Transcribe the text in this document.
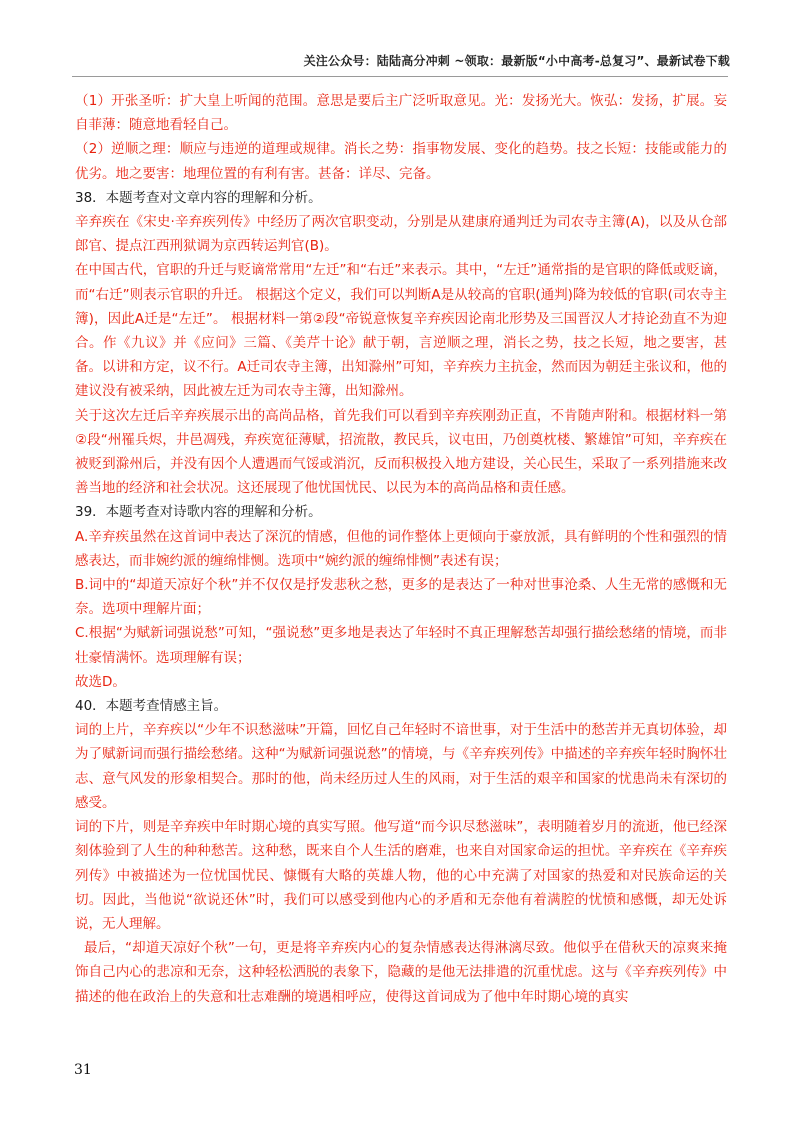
关注公众号：陆陆高分冲刺 ~领取：最新版“小中高考-总复习”、最新试卷下载

（1）开张圣听：扩大皇上听闻的范围。意思是要后主广泛听取意见。光：发扬光大。恢弘：发扬，扩展。妄自菲薄：随意地看轻自己。

（2）逆顺之理：顺应与违逆的道理或规律。消长之势：指事物发展、变化的趋势。技之长短：技能或能力的优劣。地之要害：地理位置的有利有害。甚备：详尽、完备。

38．本题考查对文章内容的理解和分析。

辛弃疾在《宋史·辛弃疾列传》中经历了两次官职变动，分别是从建康府通判迁为司农寺主簿(A)，以及从仓部郎官、提点江西刑狱调为京西转运判官(B)。

在中国古代，官职的升迁与贬谪常常用“左迁”和“右迁”来表示。其中，“左迁”通常指的是官职的降低或贬谪，而“右迁”则表示官职的升迁。 根据这个定义，我们可以判断A是从较高的官职(通判)降为较低的官职(司农寺主簿)，因此A迁是“左迁”。 根据材料一第②段“帝锐意恢复辛弃疾因论南北形势及三国晋汉人才持论劲直不为迎合。作《九议》并《应问》三篇、《美芹十论》献于朝，言逆顺之理，消长之势，技之长短，地之要害，甚备。以讲和方定，议不行。A迁司农寺主簿，出知滁州”可知，辛弃疾力主抗金，然而因为朝廷主张议和，他的建议没有被采纳，因此被左迁为司农寺主簿，出知滁州。

关于这次左迁后辛弃疾展示出的高尚品格，首先我们可以看到辛弃疾刚劲正直，不肯随声附和。根据材料一第②段“州罹兵烬，井邑凋残，弃疾宽征薄赋，招流散，教民兵，议屯田，乃创奠枕楼、繁雄馆”可知，辛弃疾在被贬到滁州后，并没有因个人遭遇而气馁或消沉，反而积极投入地方建设，关心民生，采取了一系列措施来改善当地的经济和社会状况。这还展现了他忧国忧民、以民为本的高尚品格和责任感。

39．本题考查对诗歌内容的理解和分析。

A.辛弃疾虽然在这首词中表达了深沉的情感，但他的词作整体上更倾向于豪放派，具有鲜明的个性和强烈的情感表达，而非婉约派的缠绵悱恻。选项中“婉约派的缠绵悱恻”表述有误；

B.词中的“却道天凉好个秋”并不仅仅是抒发悲秋之愁，更多的是表达了一种对世事沧桑、人生无常的感慨和无奈。选项中理解片面；

C.根据“为赋新词强说愁”可知，“强说愁”更多地是表达了年轻时不真正理解愁苦却强行描绘愁绪的情境，而非壮豪情满怀。选项理解有误；

故选D。

40．本题考查情感主旨。

词的上片，辛弃疾以“少年不识愁滋味”开篇，回忆自己年轻时不谙世事，对于生活中的愁苦并无真切体验，却为了赋新词而强行描绘愁绪。这种“为赋新词强说愁”的情境，与《辛弃疾列传》中描述的辛弃疾年轻时胸怀壮志、意气风发的形象相契合。那时的他，尚未经历过人生的风雨，对于生活的艰辛和国家的忧患尚未有深切的感受。

词的下片，则是辛弃疾中年时期心境的真实写照。他写道“而今识尽愁滋味”，表明随着岁月的流逝，他已经深刻体验到了人生的种种愁苦。这种愁，既来自个人生活的磨难，也来自对国家命运的担忧。辛弃疾在《辛弃疾列传》中被描述为一位忧国忧民、慷慨有大略的英雄人物，他的心中充满了对国家的热爱和对民族命运的关切。因此，当他说“欲说还休”时，我们可以感受到他内心的矛盾和无奈他有着满腔的忧愤和感慨，却无处诉说，无人理解。

最后，“却道天凉好个秋”一句，更是将辛弃疾内心的复杂情感表达得淋漓尽致。他似乎在借秋天的凉爽来掩饰自己内心的悲凉和无奈，这种轻松洒脱的表象下，隐藏的是他无法排遣的沉重忧虑。这与《辛弃疾列传》中描述的他在政治上的失意和壮志难酬的境遇相呼应，使得这首词成为了他中年时期心境的真实

31
